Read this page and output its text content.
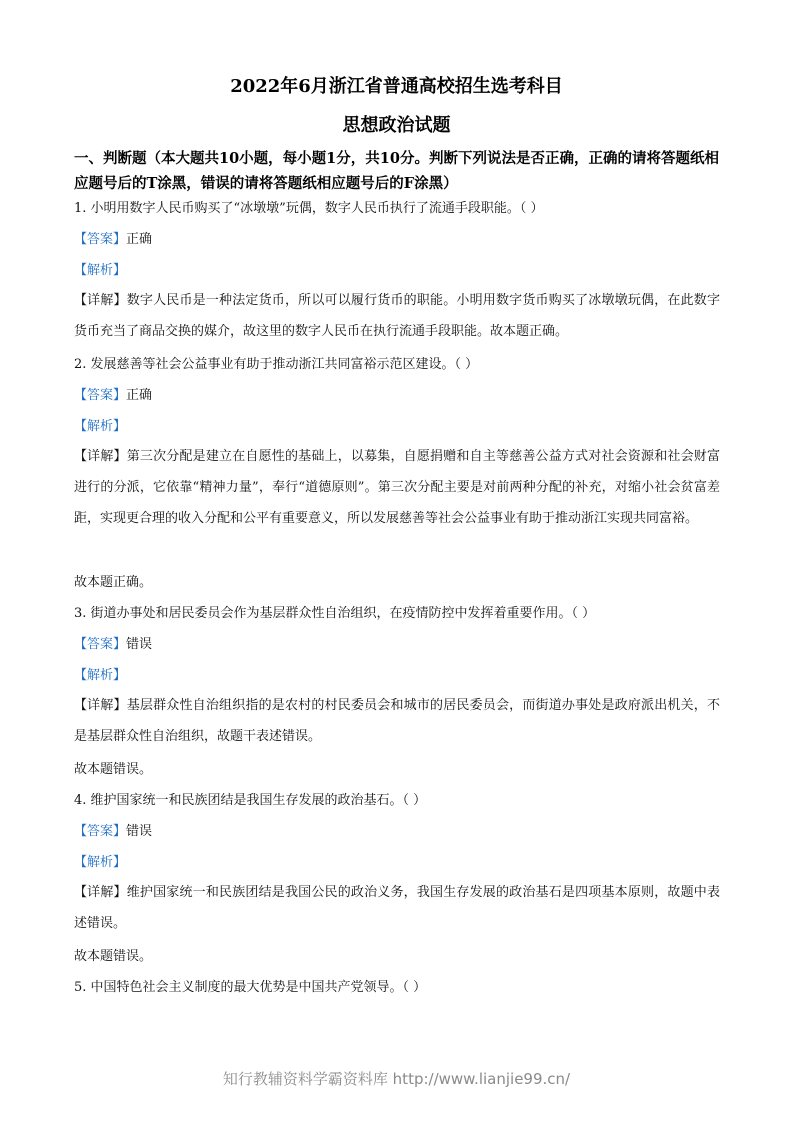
2022年6月浙江省普通高校招生选考科目
思想政治试题
一、判断题（本大题共10小题，每小题1分，共10分。判断下列说法是否正确，正确的请将答题纸相应题号后的T涂黑，错误的请将答题纸相应题号后的F涂黑）
1. 小明用数字人民币购买了“冰墩墩”玩偶，数字人民币执行了流通手段职能。（ ）
【答案】正确
【解析】
【详解】数字人民币是一种法定货币，所以可以履行货币的职能。小明用数字货币购买了冰墩墩玩偶，在此数字货币充当了商品交换的媒介，故这里的数字人民币在执行流通手段职能。故本题正确。
2. 发展慈善等社会公益事业有助于推动浙江共同富裕示范区建设。（ ）
【答案】正确
【解析】
【详解】第三次分配是建立在自愿性的基础上，以募集，自愿捐赠和自主等慈善公益方式对社会资源和社会财富进行的分派，它依靠“精神力量”，奉行“道德原则”。第三次分配主要是对前两种分配的补充，对缩小社会贫富差距，实现更合理的收入分配和公平有重要意义，所以发展慈善等社会公益事业有助于推动浙江实现共同富裕。
故本题正确。
3. 街道办事处和居民委员会作为基层群众性自治组织，在疫情防控中发挥着重要作用。（ ）
【答案】错误
【解析】
【详解】基层群众性自治组织指的是农村的村民委员会和城市的居民委员会，而街道办事处是政府派出机关，不是基层群众性自治组织，故题干表述错误。
故本题错误。
4. 维护国家统一和民族团结是我国生存发展的政治基石。（ ）
【答案】错误
【解析】
【详解】维护国家统一和民族团结是我国公民的政治义务，我国生存发展的政治基石是四项基本原则，故题中表述错误。
故本题错误。
5. 中国特色社会主义制度的最大优势是中国共产党领导。（ ）
知行教辅资料学霸资料库 http://www.lianjie99.cn/
